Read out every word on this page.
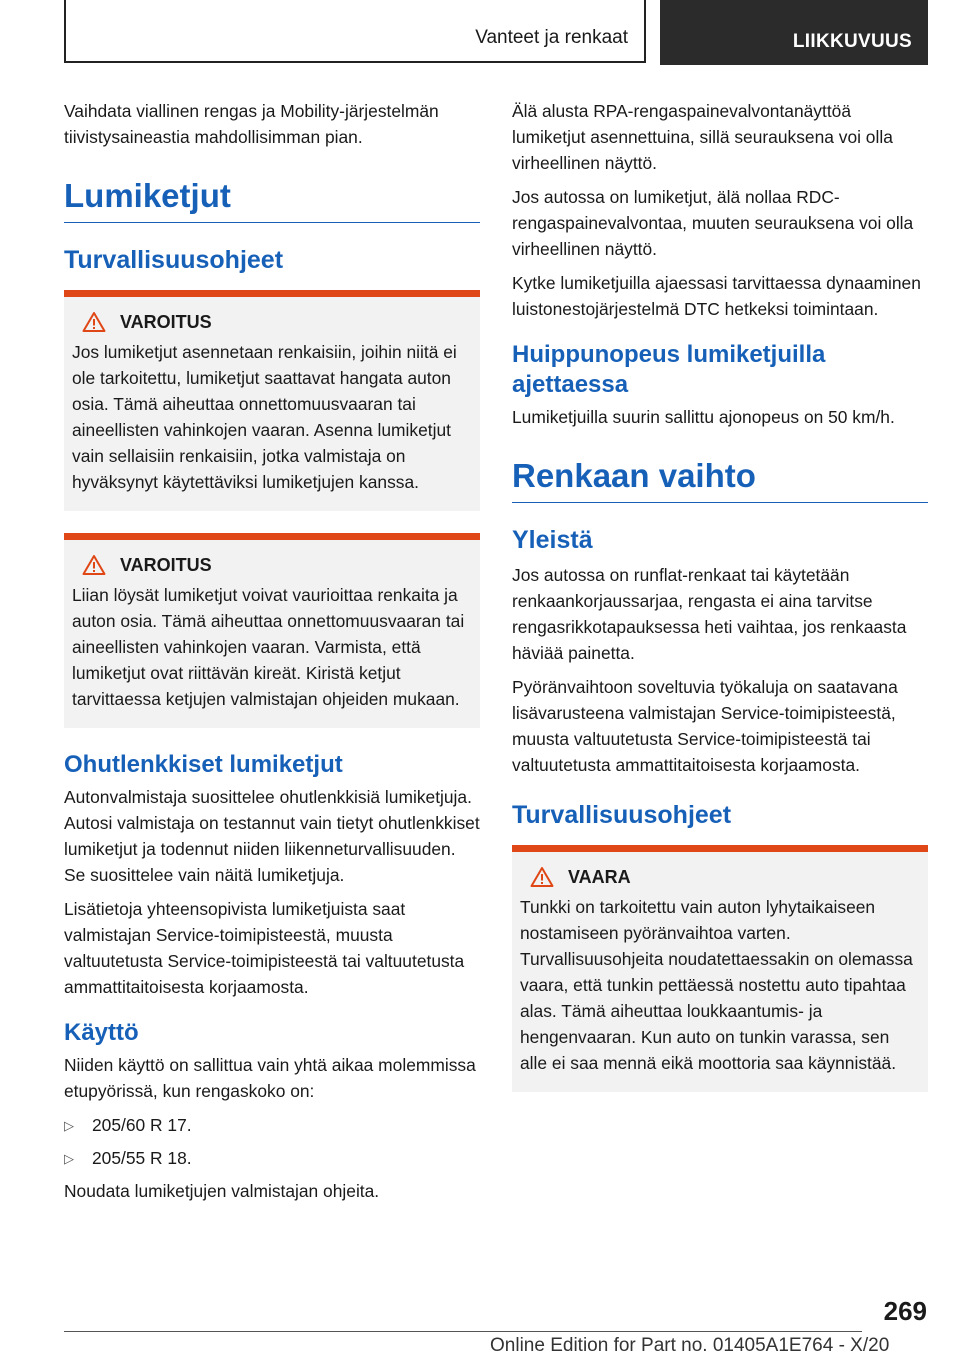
Vanteet ja renkaat	LIIKKUVUUS

Vaihdata viallinen rengas ja Mobility-järjestelmän tiivistysaineastia mahdollisimman pian.

Lumiketjut
Turvallisuusohjeet
VAROITUS

Jos lumiketjut asennetaan renkaisiin, joihin niitä ei ole tarkoitettu, lumiketjut saattavat hangata auton osia. Tämä aiheuttaa onnettomuusvaaran tai aineellisten vahinkojen vaaran. Asenna lumiketjut vain sellaisiin renkaisiin, jotka valmistaja on hyväksynyt käytettäviksi lumiketjujen kanssa.

VAROITUS

Liian löysät lumiketjut voivat vaurioittaa renkaita ja auton osia. Tämä aiheuttaa onnettomuusvaaran tai aineellisten vahinkojen vaaran. Varmista, että lumiketjut ovat riittävän kireät. Kiristä ketjut tarvittaessa ketjujen valmistajan ohjeiden mukaan.

Ohutlenkkiset lumiketjut

Autonvalmistaja suosittelee ohutlenkkisiä lumiketjuja. Autosi valmistaja on testannut vain tietyt ohutlenkkiset lumiketjut ja todennut niiden liikenneturvallisuuden. Se suosittelee vain näitä lumiketjuja.

Lisätietoja yhteensopivista lumiketjuista saat valmistajan Service-toimipisteestä, muusta valtuutetusta Service-toimipisteestä tai valtuutetusta ammattitaitoisesta korjaamosta.

Käyttö

Niiden käyttö on sallittua vain yhtä aikaa molemmissa etupyörissä, kun rengaskoko on:

▷	205/60 R 17.
▷	205/55 R 18.

Noudata lumiketjujen valmistajan ohjeita.

Älä alusta RPA-rengaspainevalvontanäyttöä lumiketjut asennettuina, sillä seurauksena voi olla virheellinen näyttö.

Jos autossa on lumiketjut, älä nollaa RDC-rengaspainevalvontaa, muuten seurauksena voi olla virheellinen näyttö.

Kytke lumiketjuilla ajaessasi tarvittaessa dynaaminen luistonestojärjestelmä DTC hetkeksi toimintaan.

Huippunopeus lumiketjuilla ajettaessa

Lumiketjuilla suurin sallittu ajonopeus on 50 km/h.

Renkaan vaihto
Yleistä

Jos autossa on runflat-renkaat tai käytetään renkaankorjaussarjaa, rengasta ei aina tarvitse rengasrikkotapauksessa heti vaihtaa, jos renkaasta häviää painetta.

Pyöränvaihtoon soveltuvia työkaluja on saatavana lisävarusteena valmistajan Service-toimipisteestä, muusta valtuutetusta Service-toimipisteestä tai valtuutetusta ammattitaitoisesta korjaamosta.

Turvallisuusohjeet
VAARA

Tunkki on tarkoitettu vain auton lyhytaikaiseen nostamiseen pyöränvaihtoa varten. Turvallisuusohjeita noudatettaessakin on olemassa vaara, että tunkin pettäessä nostettu auto tipahtaa alas. Tämä aiheuttaa loukkaantumis- ja hengenvaaran. Kun auto on tunkin varassa, sen alle ei saa mennä eikä moottoria saa käynnistää.

269
Online Edition for Part no. 01405A1E764 - X/20
